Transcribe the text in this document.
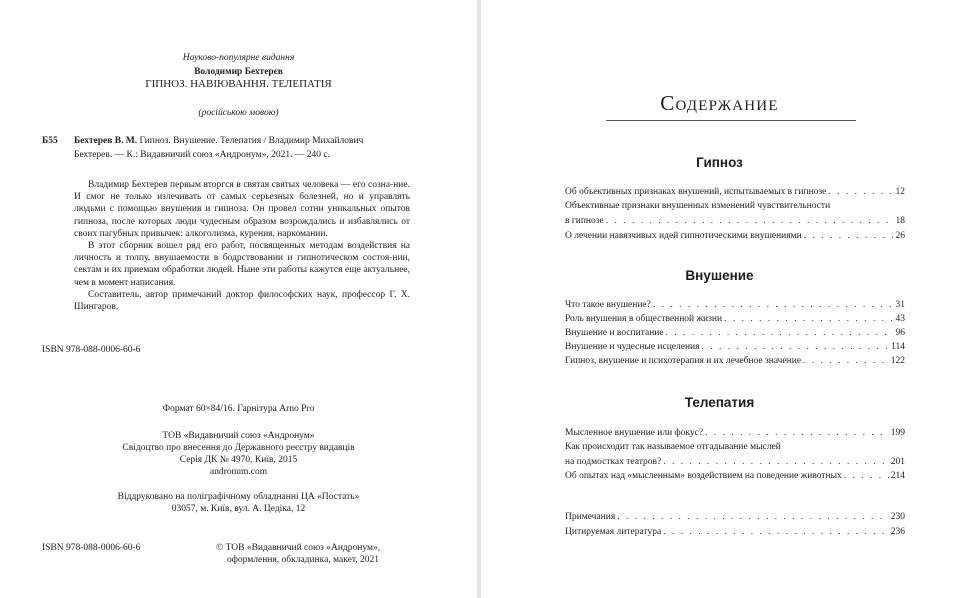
Науково-популярне видання
Володимир Бехтерєв
ГІПНОЗ. НАВІЮВАННЯ. ТЕЛЕПАТІЯ
(російською мовою)
Б55 Бехтерев В. М. Гипноз. Внушение. Телепатия / Владимир Михайлович
Бехтерев. — К.: Видавничий союз «Андронум», 2021. — 240 с.

Владимир Бехтерев первым вторгся в святая святых человека — его созна-ние. И смог не только излечивать от самых серьезных болезней, но и управлять людьми с помощью внушения и гипноза. Он провел сотни уникальных опытов гипноза, после которых люди чудесным образом возрождались и избавлялись от своих пагубных привычек: алкоголизма, курения, наркомании.

В этот сборник вошел ряд его работ, посвященных методам воздействия на личность и толпу, внушаемости в бодрствовании и гипнотическом состоя-нии, сектам и их приемам обработки людей. Ныне эти работы кажутся еще актуальнее, чем в момент написания.

Составитель, автор примечаний доктор философских наук, профессор Г. Х. Шингаров.

ISBN 978-088-0006-60-6
Формат 60×84/16. Гарнітура Arno Pro
ТОВ «Видавничий союз «Андронум»
Свідоцтво про внесення до Державного реєстру видавців
Серія ДК № 4970, Київ, 2015
andronum.com
Віддруковано на поліграфічному обладнанні ЦА «Постать»
03057, м. Київ, вул. А. Цедіка, 12
ISBN 978-088-0006-60-6	© ТОВ «Видавничий союз «Андронум»,
оформлення, обкладинка, макет, 2021
Содержание
Гипноз
Об объективных признаках внушений, испытываемых в гипнозе . . .	12
Объективные признаки внушенных изменений чувствительности
в гипнозе . . .	18
О лечении навязчивых идей гипнотическими внушениями . . .	26
Внушение
Что такое внушение? . . .	31
Роль внушения в общественной жизни . . .	43
Внушение и воспитание . . .	96
Внушение и чудесные исцеления . . .	114
Гипноз, внушение и психотерапия и их лечебное значение . . .	122
Телепатия
Мысленное внушение или фокус? . . .	199
Как происходит так называемое отгадывание мыслей
на подмостках театров? . . .	201
Об опытах над «мысленным» воздействием на поведение животных . . .	214
Примечания . . .	230
Цитируемая литература . . .	236
